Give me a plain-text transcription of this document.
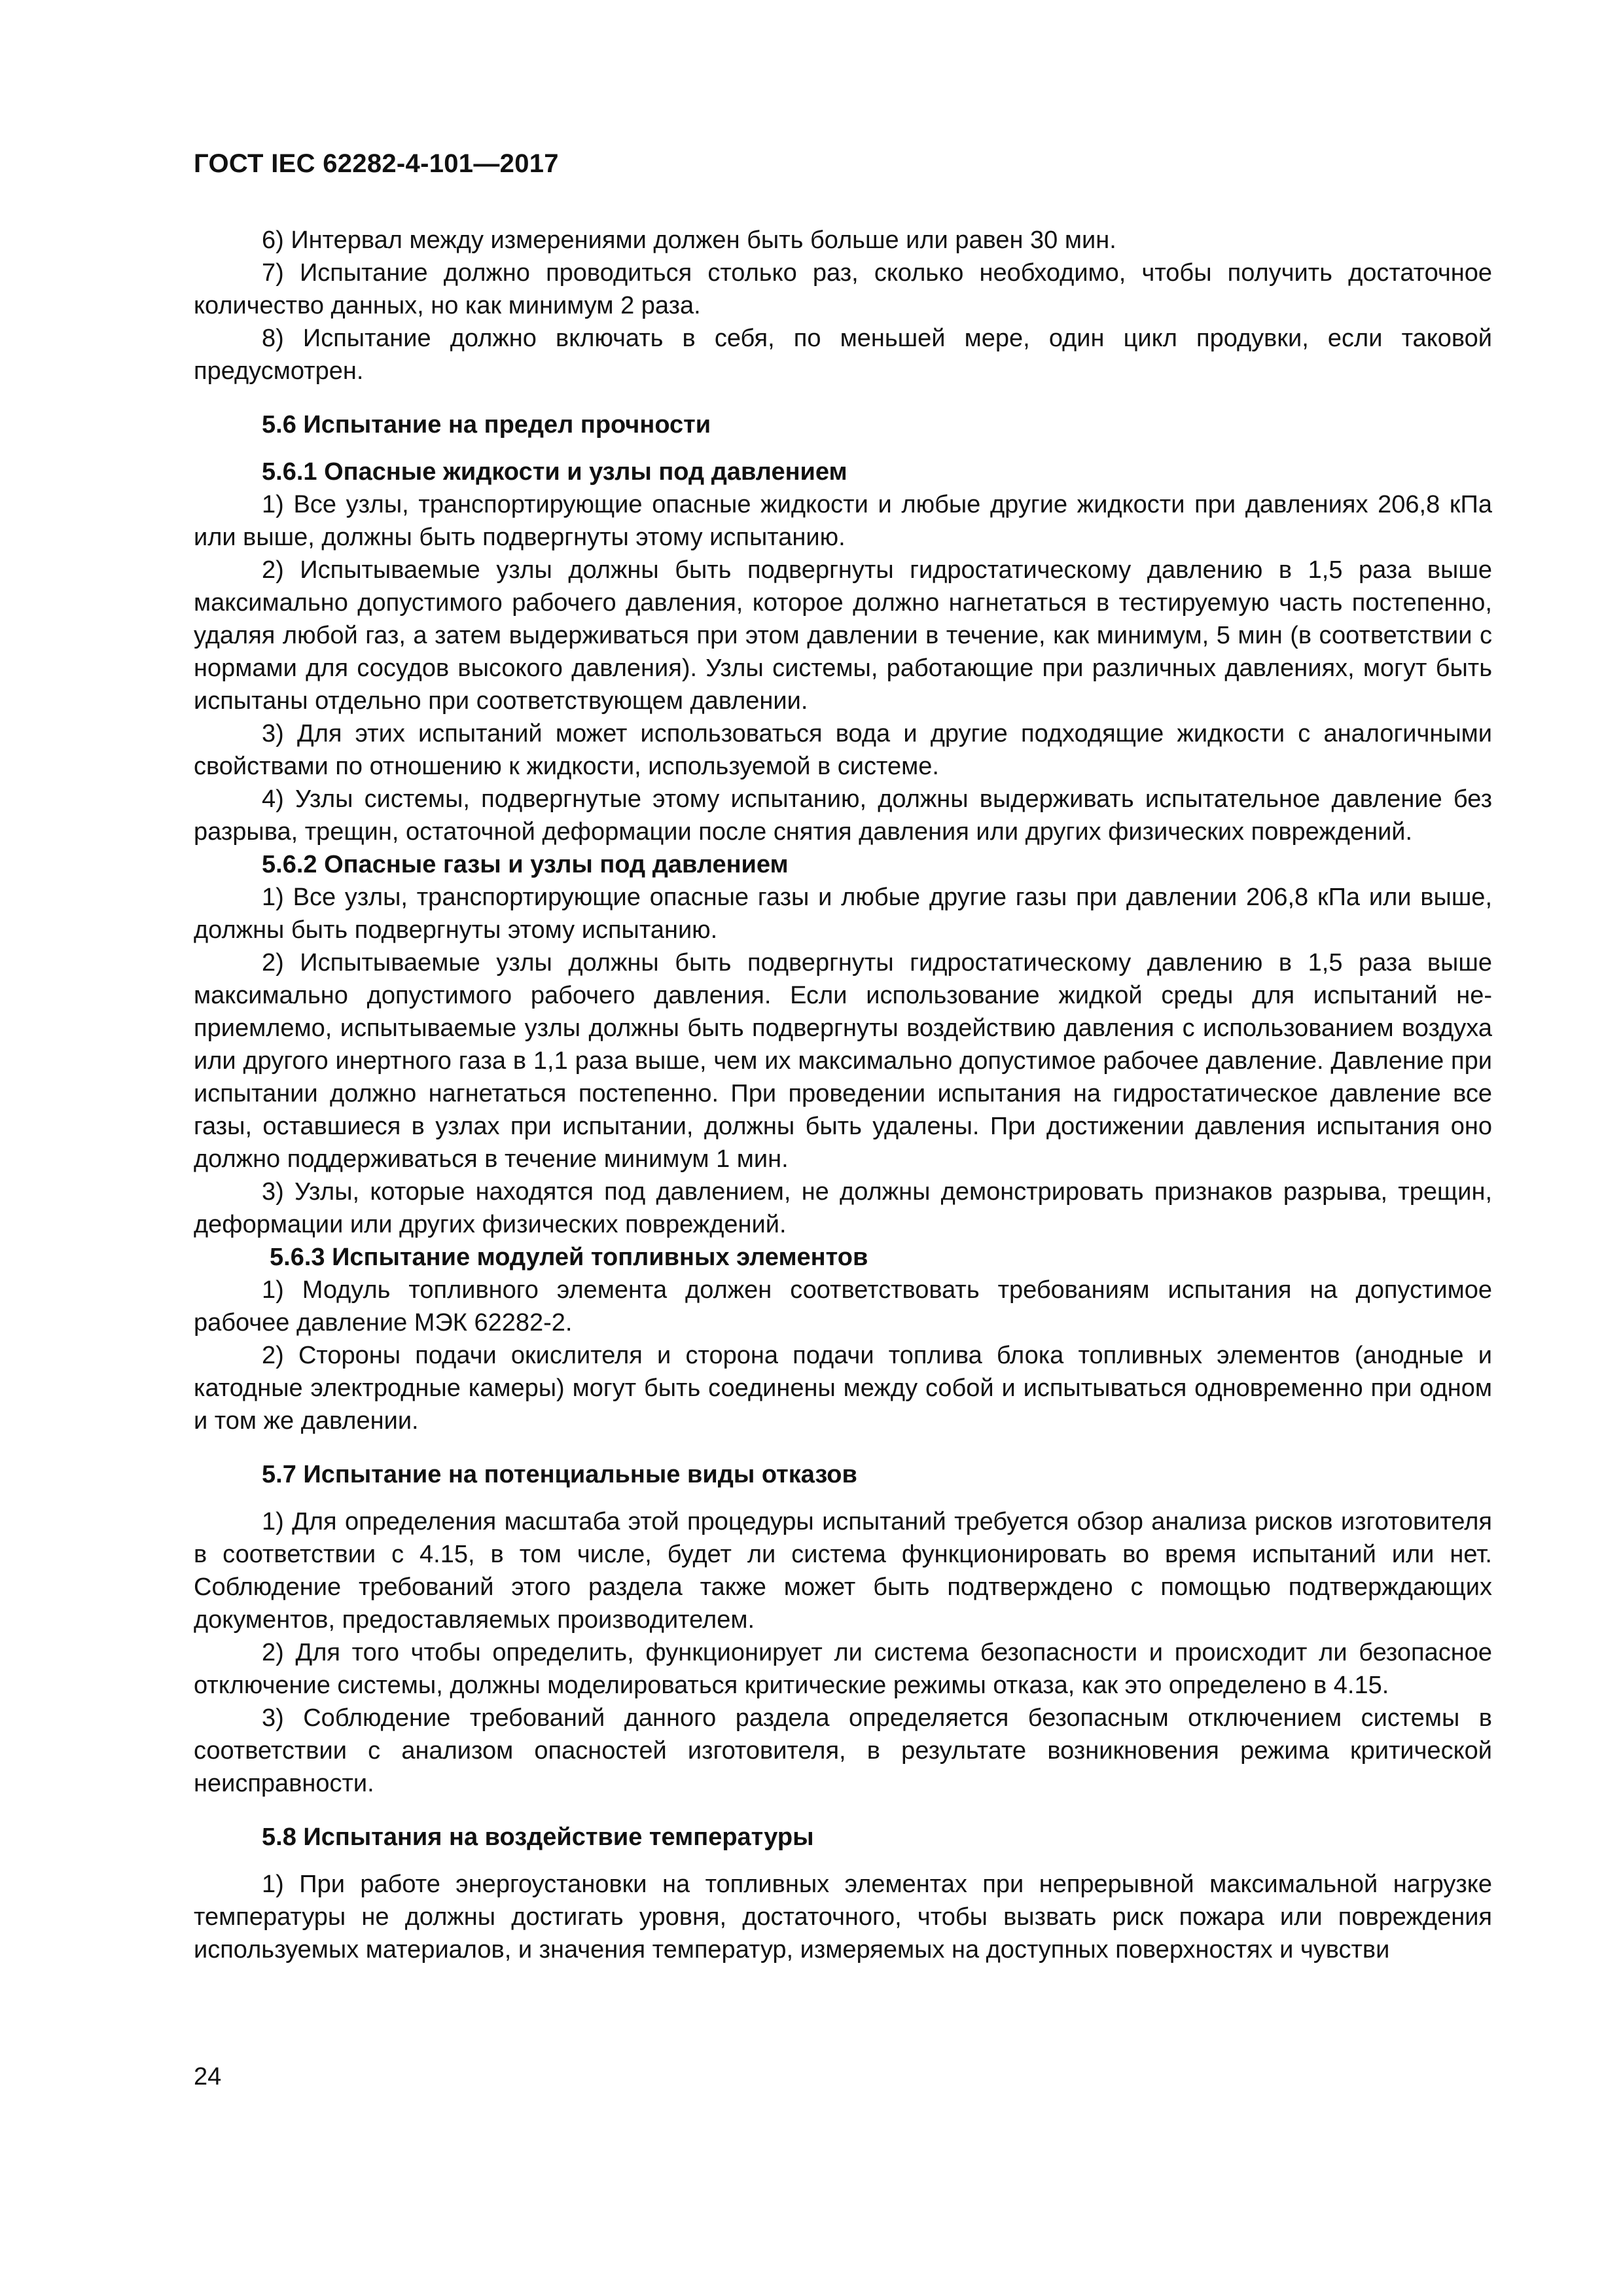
ГОСТ IEC 62282-4-101—2017

6) Интервал между измерениями должен быть больше или равен 30 мин.

7) Испытание должно проводиться столько раз, сколько необходимо, чтобы получить достаточное количество данных, но как минимум 2 раза.

8) Испытание должно включать в себя, по меньшей мере, один цикл продувки, если таковой предусмотрен.

5.6 Испытание на предел прочности
5.6.1 Опасные жидкости и узлы под давлением

1) Все узлы, транспортирующие опасные жидкости и любые другие жидкости при давлениях 206,8 кПа или выше, должны быть подвергнуты этому испытанию.

2) Испытываемые узлы должны быть подвергнуты гидростатическому давлению в 1,5 раза выше максимально допустимого рабочего давления, которое должно нагнетаться в тестируемую часть постепенно, удаляя любой газ, а затем выдерживаться при этом давлении в течение, как минимум, 5 мин (в соответствии с нормами для сосудов высокого давления). Узлы системы, работающие при различных давлениях, могут быть испытаны отдельно при соответствующем давлении.

3) Для этих испытаний может использоваться вода и другие подходящие жидкости с аналогичными свойствами по отношению к жидкости, используемой в системе.

4) Узлы системы, подвергнутые этому испытанию, должны выдерживать испытательное давление без разрыва, трещин, остаточной деформации после снятия давления или других физических повреждений.

5.6.2 Опасные газы и узлы под давлением

1) Все узлы, транспортирующие опасные газы и любые другие газы при давлении 206,8 кПа или выше, должны быть подвергнуты этому испытанию.

2) Испытываемые узлы должны быть подвергнуты гидростатическому давлению в 1,5 раза выше максимально допустимого рабочего давления. Если использование жидкой среды для испытаний неприемлемо, испытываемые узлы должны быть подвергнуты воздействию давления с использованием воздуха или другого инертного газа в 1,1 раза выше, чем их максимально допустимое рабочее давление. Давление при испытании должно нагнетаться постепенно. При проведении испытания на гидростатическое давление все газы, оставшиеся в узлах при испытании, должны быть удалены. При достижении давления испытания оно должно поддерживаться в течение минимум 1 мин.

3) Узлы, которые находятся под давлением, не должны демонстрировать признаков разрыва, трещин, деформации или других физических повреждений.

5.6.3 Испытание модулей топливных элементов

1) Модуль топливного элемента должен соответствовать требованиям испытания на допустимое рабочее давление МЭК 62282-2.

2) Стороны подачи окислителя и сторона подачи топлива блока топливных элементов (анодные и катодные электродные камеры) могут быть соединены между собой и испытываться одновременно при одном и том же давлении.

5.7 Испытание на потенциальные виды отказов

1) Для определения масштаба этой процедуры испытаний требуется обзор анализа рисков изготовителя в соответствии с 4.15, в том числе, будет ли система функционировать во время испытаний или нет. Соблюдение требований этого раздела также может быть подтверждено с помощью подтверждающих документов, предоставляемых производителем.

2) Для того чтобы определить, функционирует ли система безопасности и происходит ли безопасное отключение системы, должны моделироваться критические режимы отказа, как это определено в 4.15.

3) Соблюдение требований данного раздела определяется безопасным отключением системы в соответствии с анализом опасностей изготовителя, в результате возникновения режима критической неисправности.

5.8 Испытания на воздействие температуры

1) При работе энергоустановки на топливных элементах при непрерывной максимальной нагрузке температуры не должны достигать уровня, достаточного, чтобы вызвать риск пожара или повреждения используемых материалов, и значения температур, измеряемых на доступных поверхностях и чувстви

24
